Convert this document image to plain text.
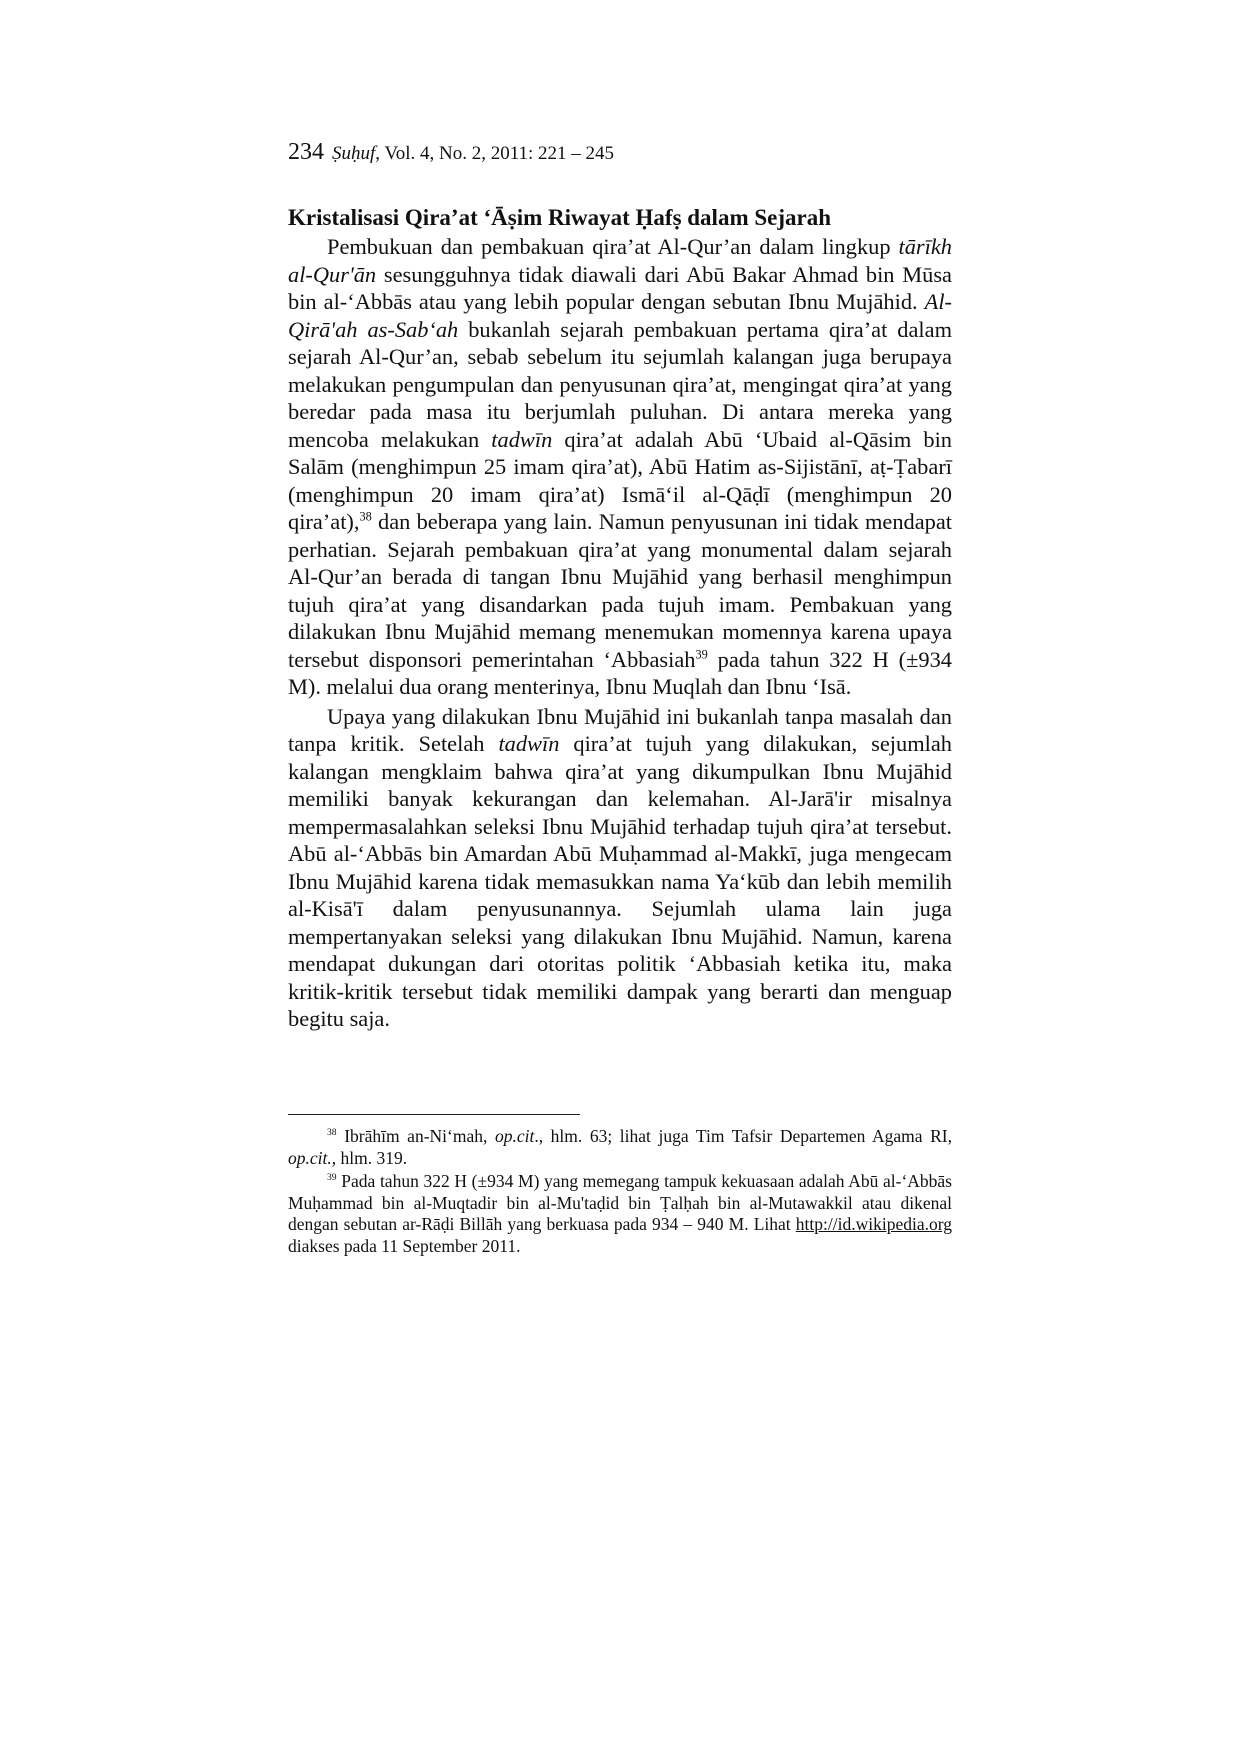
234 Ṣuḥuf, Vol. 4, No. 2, 2011: 221 – 245
Kristalisasi Qira’at ‘Āṣim Riwayat Ḥafṣ dalam Sejarah

Pembukuan dan pembakuan qira’at Al-Qur’an dalam lingkup tārīkh al-Qur'ān sesungguhnya tidak diawali dari Abū Bakar Ahmad bin Mūsa bin al-‘Abbās atau yang lebih popular dengan sebutan Ibnu Mujāhid. Al-Qirā'ah as-Sab‘ah bukanlah sejarah pembakuan pertama qira’at dalam sejarah Al-Qur’an, sebab sebelum itu sejumlah kalangan juga berupaya melakukan pengumpulan dan penyusunan qira’at, mengingat qira’at yang beredar pada masa itu berjumlah puluhan. Di antara mereka yang mencoba melakukan tadwīn qira’at adalah Abū ‘Ubaid al-Qāsim bin Salām (menghimpun 25 imam qira’at), Abū Hatim as-Sijistānī, aṭ-Ṭabarī (menghimpun 20 imam qira’at) Ismā‘il al-Qāḍī (menghimpun 20 qira’at),$^{38}$ dan beberapa yang lain. Namun penyusunan ini tidak mendapat perhatian. Sejarah pembakuan qira’at yang monumental dalam sejarah Al-Qur’an berada di tangan Ibnu Mujāhid yang berhasil menghimpun tujuh qira’at yang disandarkan pada tujuh imam. Pembakuan yang dilakukan Ibnu Mujāhid memang menemukan momennya karena upaya tersebut disponsori pemerintahan ‘Abbasiah$^{39}$ pada tahun 322 H (±934 M). melalui dua orang menterinya, Ibnu Muqlah dan Ibnu ‘Isā.

Upaya yang dilakukan Ibnu Mujāhid ini bukanlah tanpa masalah dan tanpa kritik. Setelah tadwīn qira’at tujuh yang dilakukan, sejumlah kalangan mengklaim bahwa qira’at yang dikumpulkan Ibnu Mujāhid memiliki banyak kekurangan dan kelemahan. Al-Jarā'ir misalnya mempermasalahkan seleksi Ibnu Mujāhid terhadap tujuh qira’at tersebut. Abū al-‘Abbās bin Amardan Abū Muḥammad al-Makkī, juga mengecam Ibnu Mujāhid karena tidak memasukkan nama Ya‘kūb dan lebih memilih al-Kisā'ī dalam penyusunannya. Sejumlah ulama lain juga mempertanyakan seleksi yang dilakukan Ibnu Mujāhid. Namun, karena mendapat dukungan dari otoritas politik ‘Abbasiah ketika itu, maka kritik-kritik tersebut tidak memiliki dampak yang berarti dan menguap begitu saja.

$^{38}$ Ibrāhīm an-Ni‘mah, op.cit., hlm. 63; lihat juga Tim Tafsir Departemen Agama RI, op.cit., hlm. 319.

$^{39}$ Pada tahun 322 H (±934 M) yang memegang tampuk kekuasaan adalah Abū al-‘Abbās Muḥammad bin al-Muqtadir bin al-Mu'taḍid bin Ṭalḥah bin al-Mutawakkil atau dikenal dengan sebutan ar-Rāḍi Billāh yang berkuasa pada 934 – 940 M. Lihat http://id.wikipedia.org diakses pada 11 September 2011.
